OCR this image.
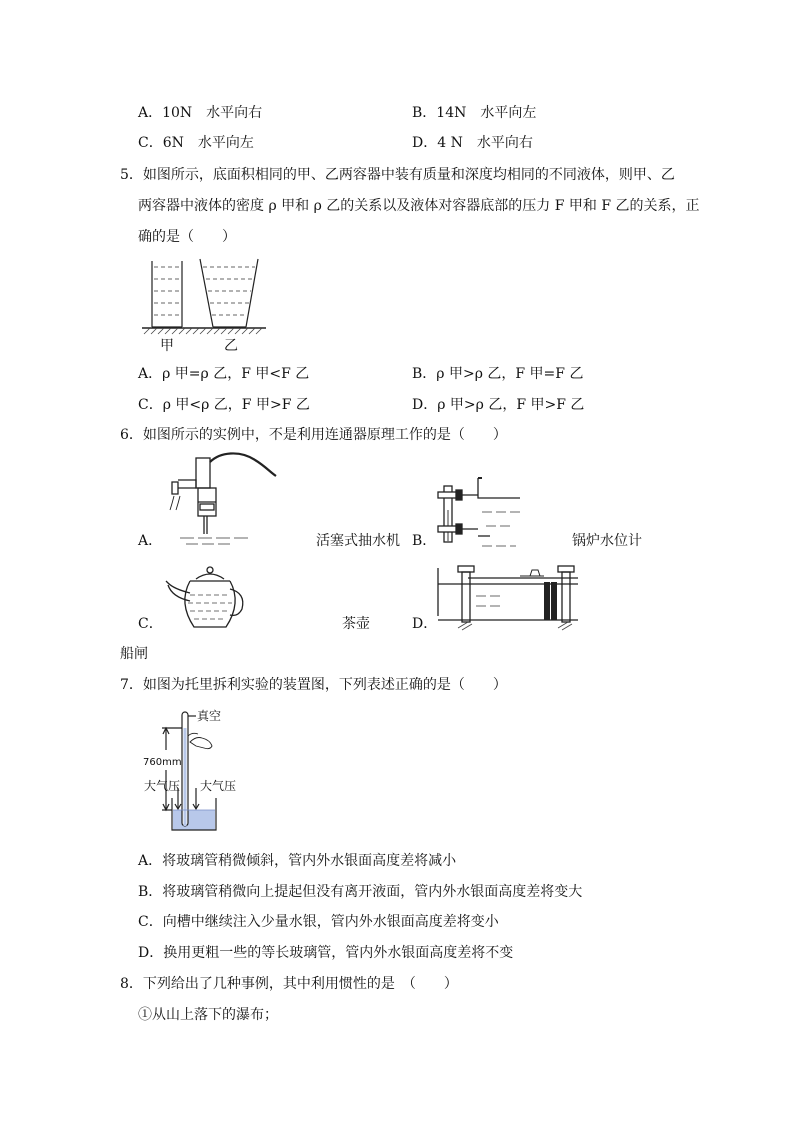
A．10N　水平向右	B．14N　水平向左
C．6N　水平向左	D．4 N　水平向右
5．如图所示，底面积相同的甲、乙两容器中装有质量和深度均相同的不同液体，则甲、乙
两容器中液体的密度 ρ 甲和 ρ 乙的关系以及液体对容器底部的压力 F 甲和 F 乙的关系，正
确的是（　　）
甲	乙
A．ρ 甲=ρ 乙，F 甲<F 乙	B．ρ 甲>ρ 乙，F 甲=F 乙
C．ρ 甲<ρ 乙，F 甲>F 乙	D．ρ 甲>ρ 乙，F 甲>F 乙
6．如图所示的实例中，不是利用连通器原理工作的是（　　）
A．	活塞式抽水机 B．	锅炉水位计
C．	茶壶	D．
船闸
7．如图为托里拆利实验的装置图，下列表述正确的是（　　）
真空
760mm
大气压 大气压
A．将玻璃管稍微倾斜，管内外水银面高度差将减小
B．将玻璃管稍微向上提起但没有离开液面，管内外水银面高度差将变大
C．向槽中继续注入少量水银，管内外水银面高度差将变小
D．换用更粗一些的等长玻璃管，管内外水银面高度差将不变
8．下列给出了几种事例，其中利用惯性的是　（　　）
①从山上落下的瀑布；
